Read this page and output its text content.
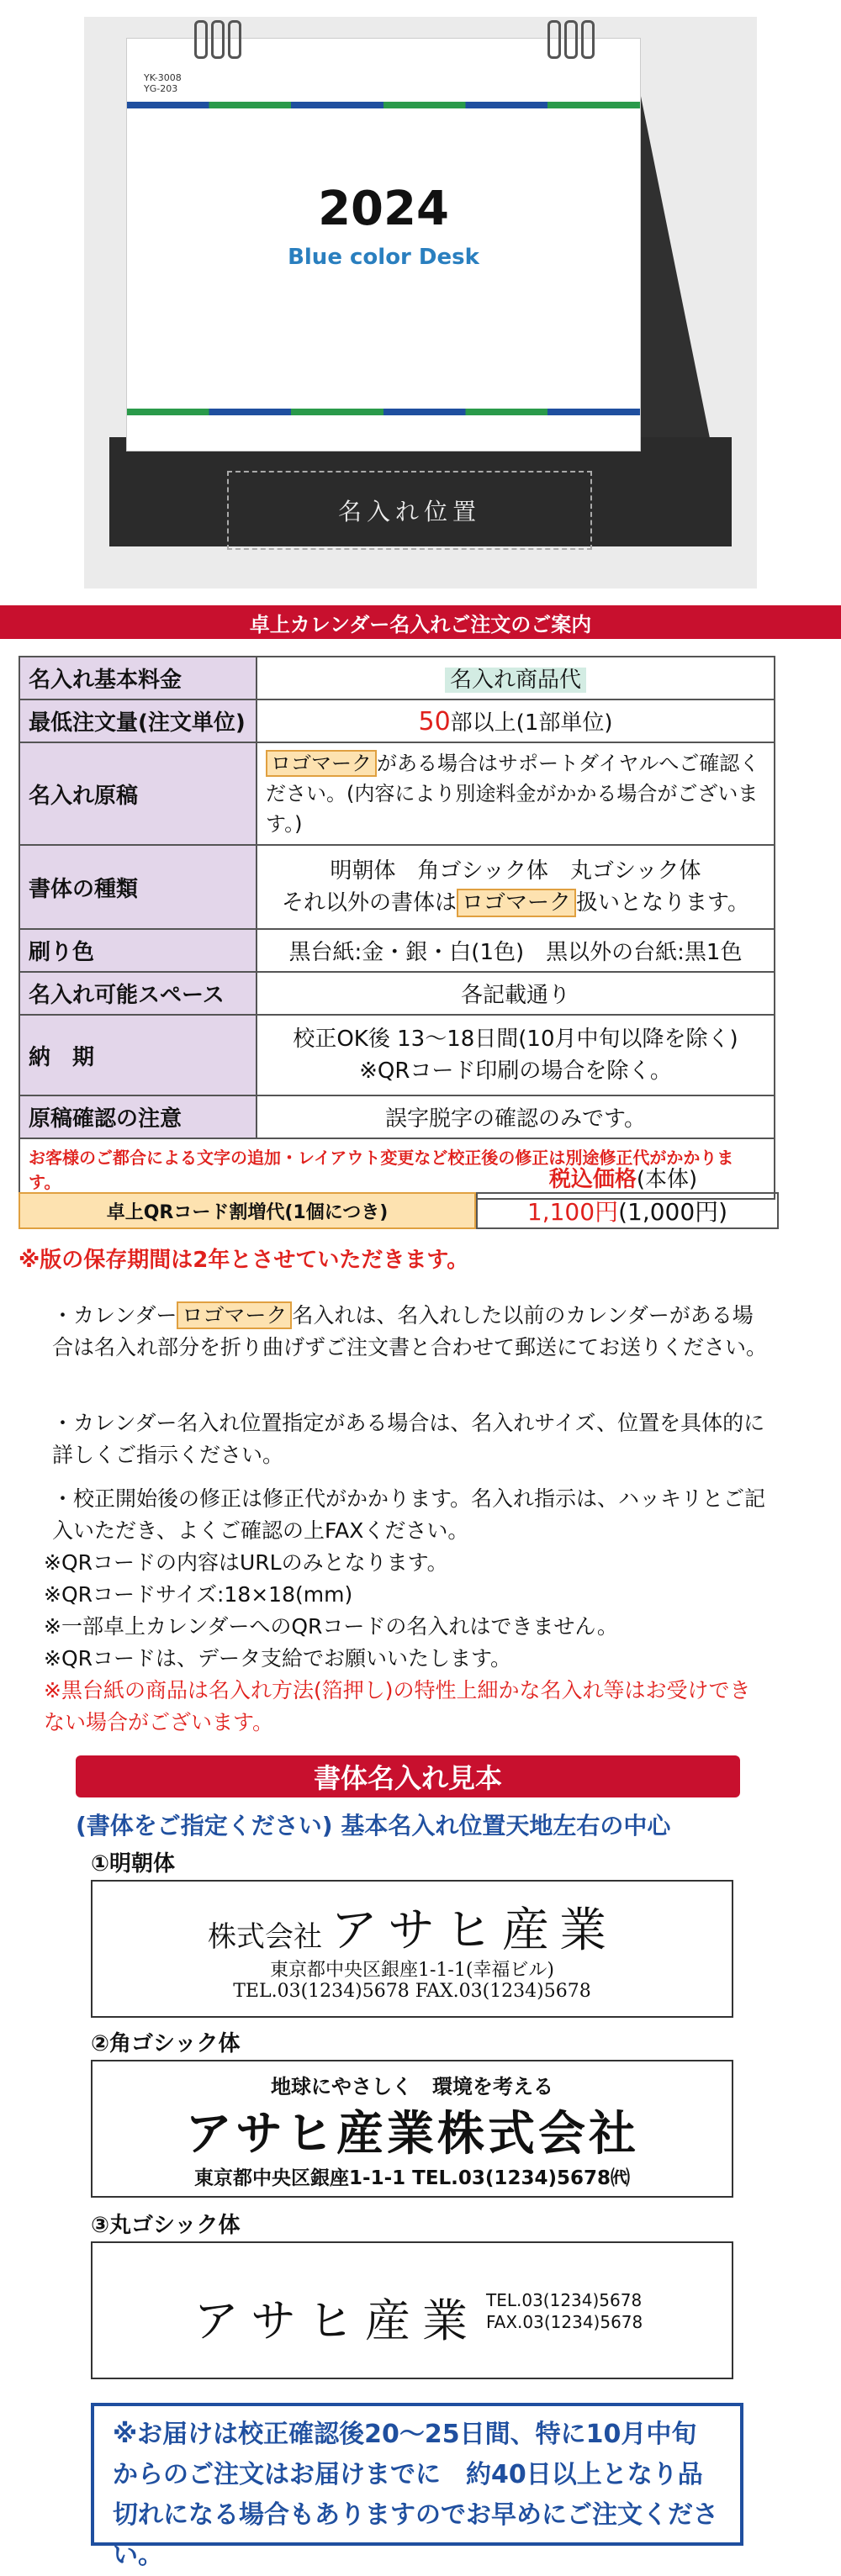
YK-3008
YG-203
2024
Blue color Desk
名入れ位置
卓上カレンダー名入れご注文のご案内
名入れ基本料金	名入れ商品代
最低注文量(注文単位)	50部以上(1部単位)
名入れ原稿	ロゴマーク がある場合はサポートダイヤルへご確認ください。(内容により別途料金がかかる場合がございます。)
書体の種類	明朝体　角ゴシック体　丸ゴシック体
それ以外の書体は ロゴマーク 扱いとなります。

刷り色	黒台紙:金・銀・白(1色)　黒以外の台紙:黒1色
名入れ可能スペース	各記載通り
納　期	校正OK後 13～18日間(10月中旬以降を除く)
※QRコード印刷の場合を除く。

原稿確認の注意	誤字脱字の確認のみです。
お客様のご都合による文字の追加・レイアウト変更など校正後の修正は別途修正代がかかります。		税込価格(本体)
卓上QRコード割増代(1個につき)	1,100円 (1,000円)
※版の保存期間は2年とさせていただきます。
・カレンダー ロゴマーク 名入れは、名入れした以前のカレンダーがある場合は名入れ部分を折り曲げずご注文書と合わせて郵送にてお送りください。
・カレンダー名入れ位置指定がある場合は、名入れサイズ、位置を具体的に詳しくご指示ください。
・校正開始後の修正は修正代がかかります。名入れ指示は、ハッキリとご記入いただき、よくご確認の上FAXください。
※QRコードの内容はURLのみとなります。
※QRコードサイズ:18×18(mm)
※一部卓上カレンダーへのQRコードの名入れはできません。
※QRコードは、データ支給でお願いいたします。
※黒台紙の商品は名入れ方法(箔押し)の特性上細かな名入れ等はお受けできない場合がございます。
書体名入れ見本
(書体をご指定ください) 基本名入れ位置天地左右の中心
①明朝体
株式会社 アサヒ産業
東京都中央区銀座1-1-1(幸福ビル)
TEL.03(1234)5678 FAX.03(1234)5678
②角ゴシック体
地球にやさしく　環境を考える
アサヒ産業株式会社
東京都中央区銀座1-1-1 TEL.03(1234)5678㈹
③丸ゴシック体
アサヒ産業 TEL.03(1234)5678
FAX.03(1234)5678
※お届けは校正確認後20～25日間、特に10月中旬からのご注文はお届けまでに　約40日以上となり品切れになる場合もありますのでお早めにご注文ください。
